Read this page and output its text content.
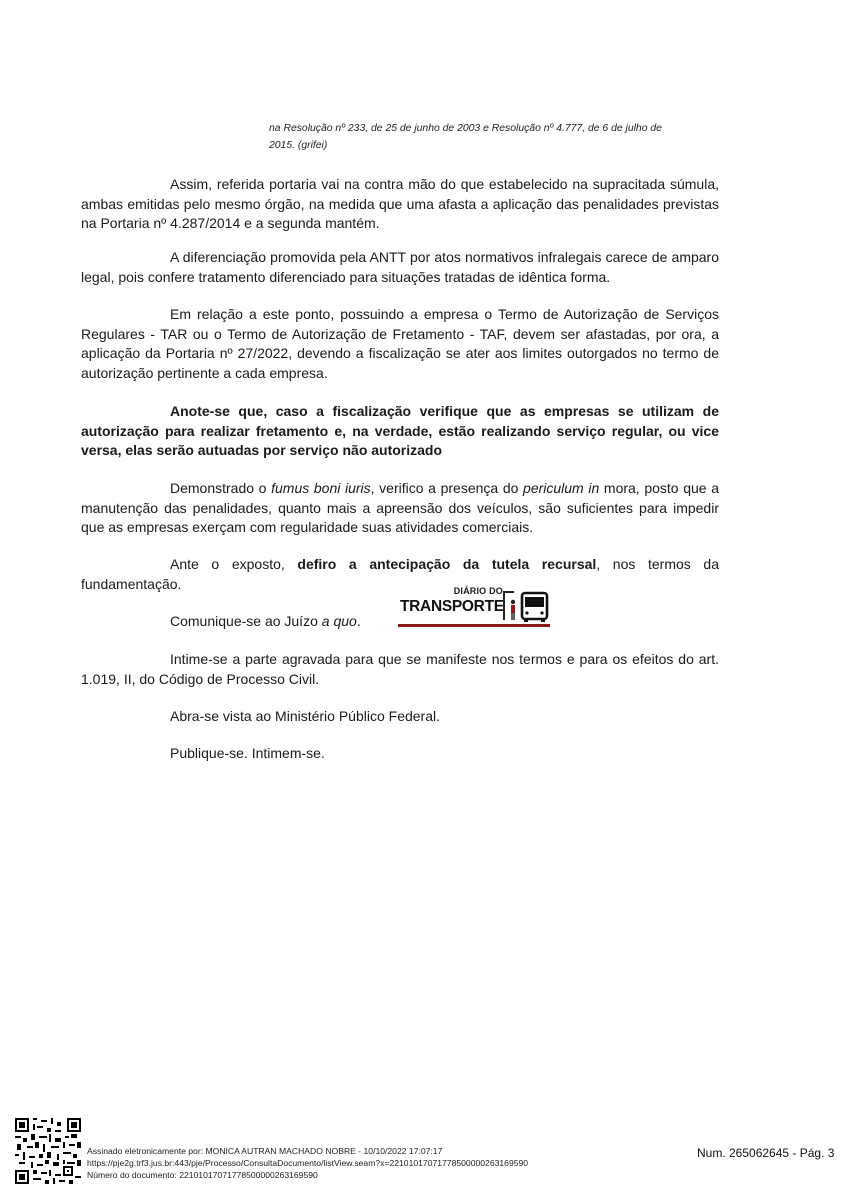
na Resolução nº 233, de 25 de junho de 2003 e Resolução nº 4.777, de 6 de julho de
2015. (grifei)

Assim, referida portaria vai na contra mão do que estabelecido na supracitada súmula, ambas emitidas pelo mesmo órgão, na medida que uma afasta a aplicação das penalidades previstas na Portaria nº 4.287/2014 e a segunda mantém.

A diferenciação promovida pela ANTT por atos normativos infralegais carece de amparo legal, pois confere tratamento diferenciado para situações tratadas de idêntica forma.

Em relação a este ponto, possuindo a empresa o Termo de Autorização de Serviços Regulares - TAR ou o Termo de Autorização de Fretamento - TAF, devem ser afastadas, por ora, a aplicação da Portaria nº 27/2022, devendo a fiscalização se ater aos limites outorgados no termo de autorização pertinente a cada empresa.

Anote-se que, caso a fiscalização verifique que as empresas se utilizam de autorização para realizar fretamento e, na verdade, estão realizando serviço regular, ou vice versa, elas serão autuadas por serviço não autorizado

Demonstrado o fumus boni iuris, verifico a presença do periculum in mora, posto que a manutenção das penalidades, quanto mais a apreensão dos veículos, são suficientes para impedir que as empresas exerçam com regularidade suas atividades comerciais.

Ante o exposto, defiro a antecipação da tutela recursal, nos termos da fundamentação.

Comunique-se ao Juízo a quo.

DIÁRIO DO
TRANSPORTE

Intime-se a parte agravada para que se manifeste nos termos e para os efeitos do art. 1.019, II, do Código de Processo Civil.

Abra-se vista ao Ministério Público Federal.

Publique-se. Intimem-se.

Assinado eletronicamente por: MONICA AUTRAN MACHADO NOBRE - 10/10/2022 17:07:17
https://pje2g.trf3.jus.br:443/pje/Processo/ConsultaDocumento/listView.seam?x=22101017071778500000263169590
Número do documento: 22101017071778500000263169590
Num. 265062645 - Pág. 3
